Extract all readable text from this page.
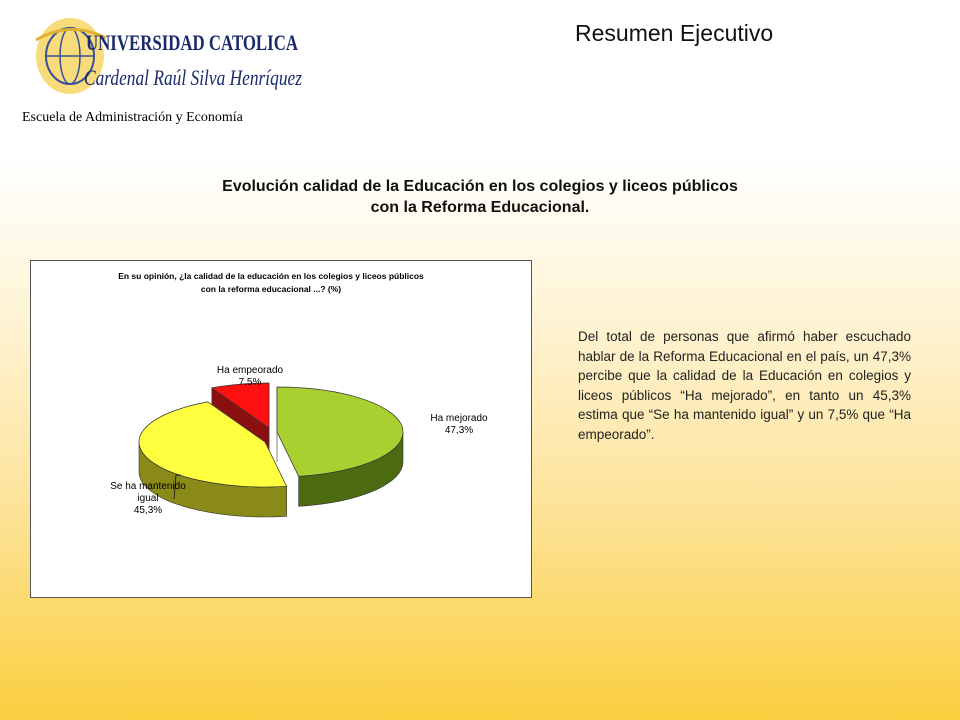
UNIVERSIDAD CATOLICA
Cardenal Raúl Silva Henríquez

Escuela de Administración y Economía

Resumen Ejecutivo
Evolución calidad de la Educación en los colegios y liceos públicos
con la Reforma Educacional.
En su opinión, ¿la calidad de la educación en los colegios y liceos públicos
con la reforma educacional ...? (%)
Ha mejorado
47,3%
Se ha mantenido
igual
45,3%
Ha empeorado
7,5%

Del total de personas que afirmó haber escuchado hablar de la Reforma Educacional en el país, un 47,3% percibe que la calidad de la Educación en colegios y liceos públicos “Ha mejorado”, en tanto un 45,3% estima que “Se ha mantenido igual” y un 7,5% que “Ha empeorado”.
